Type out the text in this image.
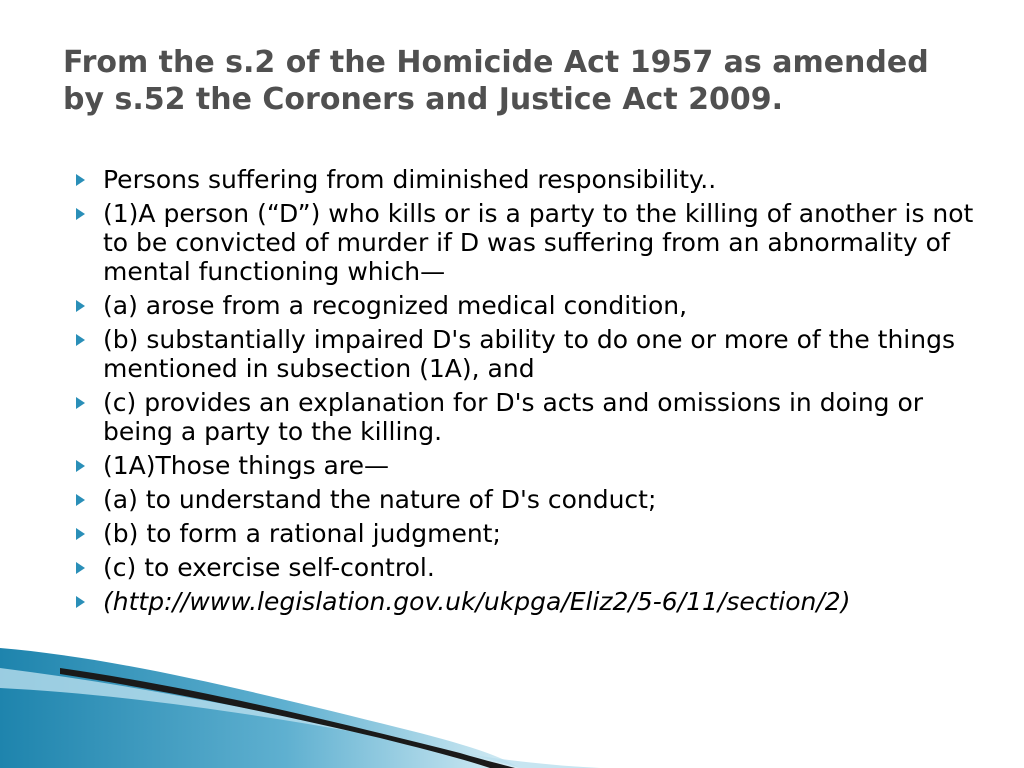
From the s.2 of the Homicide Act 1957 as amended by s.52 the Coroners and Justice Act 2009.
Persons suffering from diminished responsibility..
(1)A person (“D”) who kills or is a party to the killing of another is not to be convicted of murder if D was suffering from an abnormality of mental functioning which—
(a) arose from a recognized medical condition,
(b) substantially impaired D's ability to do one or more of the things mentioned in subsection (1A), and
(c) provides an explanation for D's acts and omissions in doing or being a party to the killing.
(1A)Those things are—
(a) to understand the nature of D's conduct;
(b) to form a rational judgment;
(c) to exercise self-control.
(http://www.legislation.gov.uk/ukpga/Eliz2/5-6/11/section/2)
